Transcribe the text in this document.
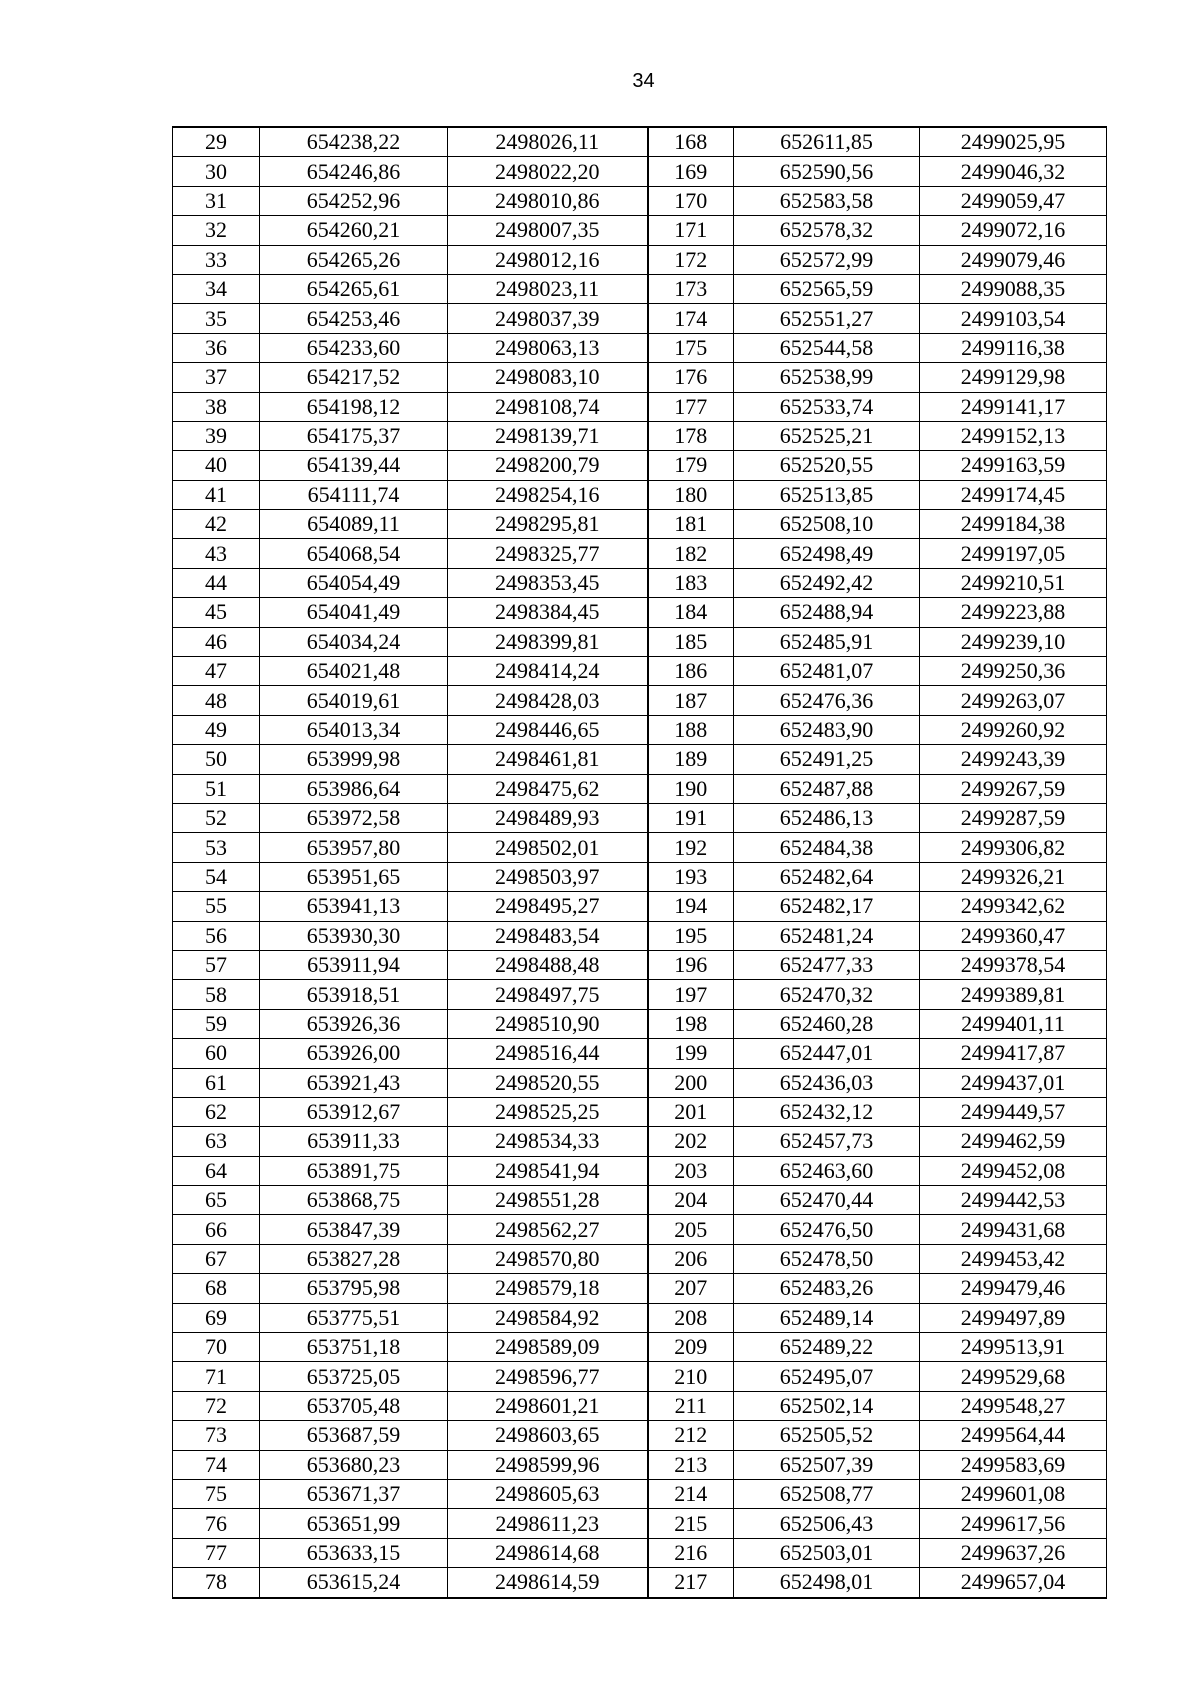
34
29	654238,22	2498026,11	168	652611,85	2499025,95
30	654246,86	2498022,20	169	652590,56	2499046,32
31	654252,96	2498010,86	170	652583,58	2499059,47
32	654260,21	2498007,35	171	652578,32	2499072,16
33	654265,26	2498012,16	172	652572,99	2499079,46
34	654265,61	2498023,11	173	652565,59	2499088,35
35	654253,46	2498037,39	174	652551,27	2499103,54
36	654233,60	2498063,13	175	652544,58	2499116,38
37	654217,52	2498083,10	176	652538,99	2499129,98
38	654198,12	2498108,74	177	652533,74	2499141,17
39	654175,37	2498139,71	178	652525,21	2499152,13
40	654139,44	2498200,79	179	652520,55	2499163,59
41	654111,74	2498254,16	180	652513,85	2499174,45
42	654089,11	2498295,81	181	652508,10	2499184,38
43	654068,54	2498325,77	182	652498,49	2499197,05
44	654054,49	2498353,45	183	652492,42	2499210,51
45	654041,49	2498384,45	184	652488,94	2499223,88
46	654034,24	2498399,81	185	652485,91	2499239,10
47	654021,48	2498414,24	186	652481,07	2499250,36
48	654019,61	2498428,03	187	652476,36	2499263,07
49	654013,34	2498446,65	188	652483,90	2499260,92
50	653999,98	2498461,81	189	652491,25	2499243,39
51	653986,64	2498475,62	190	652487,88	2499267,59
52	653972,58	2498489,93	191	652486,13	2499287,59
53	653957,80	2498502,01	192	652484,38	2499306,82
54	653951,65	2498503,97	193	652482,64	2499326,21
55	653941,13	2498495,27	194	652482,17	2499342,62
56	653930,30	2498483,54	195	652481,24	2499360,47
57	653911,94	2498488,48	196	652477,33	2499378,54
58	653918,51	2498497,75	197	652470,32	2499389,81
59	653926,36	2498510,90	198	652460,28	2499401,11
60	653926,00	2498516,44	199	652447,01	2499417,87
61	653921,43	2498520,55	200	652436,03	2499437,01
62	653912,67	2498525,25	201	652432,12	2499449,57
63	653911,33	2498534,33	202	652457,73	2499462,59
64	653891,75	2498541,94	203	652463,60	2499452,08
65	653868,75	2498551,28	204	652470,44	2499442,53
66	653847,39	2498562,27	205	652476,50	2499431,68
67	653827,28	2498570,80	206	652478,50	2499453,42
68	653795,98	2498579,18	207	652483,26	2499479,46
69	653775,51	2498584,92	208	652489,14	2499497,89
70	653751,18	2498589,09	209	652489,22	2499513,91
71	653725,05	2498596,77	210	652495,07	2499529,68
72	653705,48	2498601,21	211	652502,14	2499548,27
73	653687,59	2498603,65	212	652505,52	2499564,44
74	653680,23	2498599,96	213	652507,39	2499583,69
75	653671,37	2498605,63	214	652508,77	2499601,08
76	653651,99	2498611,23	215	652506,43	2499617,56
77	653633,15	2498614,68	216	652503,01	2499637,26
78	653615,24	2498614,59	217	652498,01	2499657,04
